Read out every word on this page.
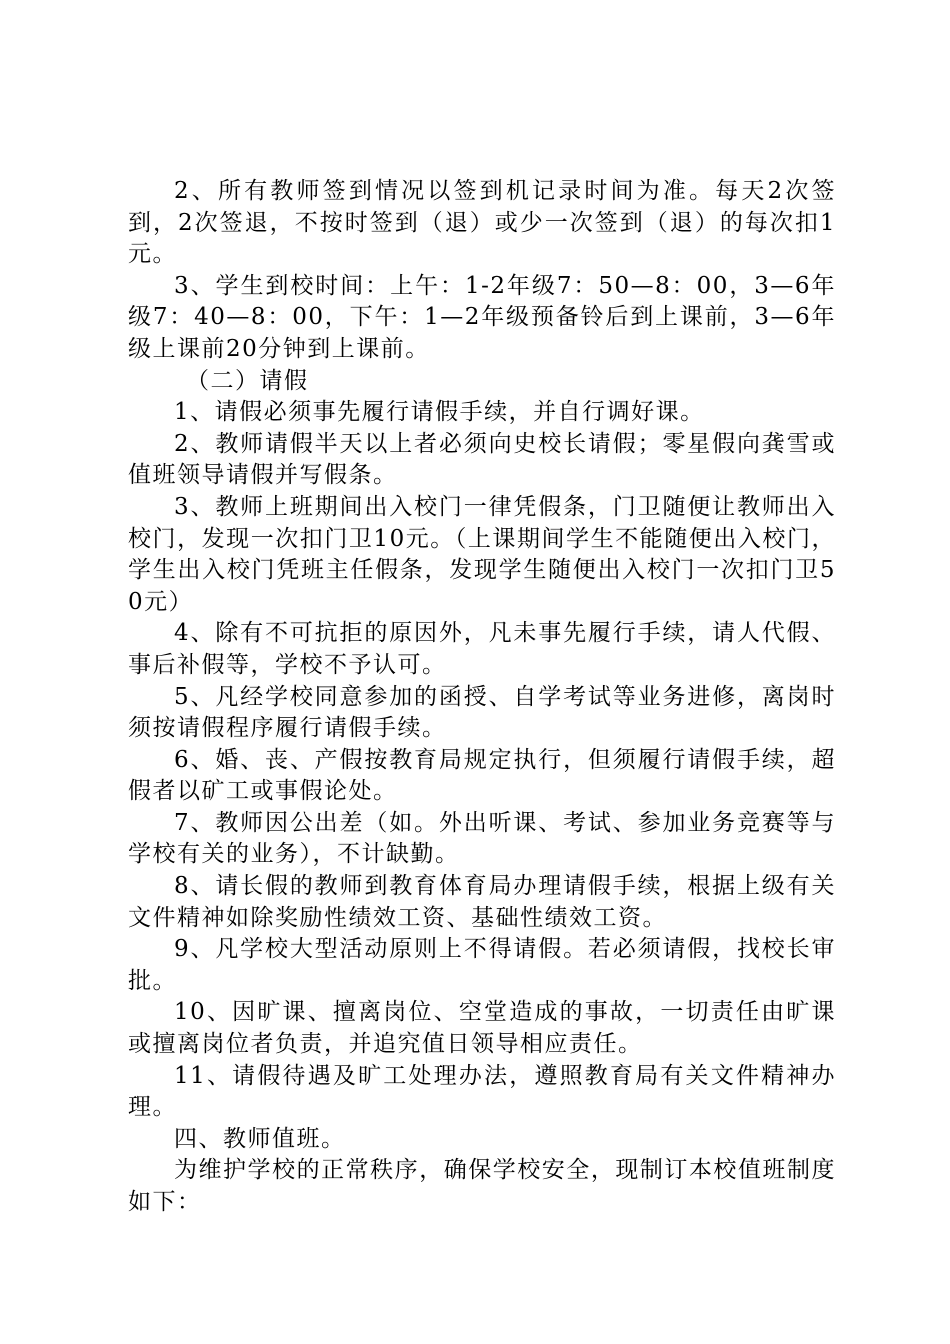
2、所有教师签到情况以签到机记录时间为准。每天2次签到，2次签退，不按时签到（退）或少一次签到（退）的每次扣1元。

3、学生到校时间：上午：1-2年级7：50—8：00，3—6年级7：40—8：00，下午：1—2年级预备铃后到上课前，3—6年级上课前20分钟到上课前。

（二）请假

1、请假必须事先履行请假手续，并自行调好课。

2、教师请假半天以上者必须向史校长请假；零星假向龚雪或值班领导请假并写假条。

3、教师上班期间出入校门一律凭假条，门卫随便让教师出入校门，发现一次扣门卫10元。（上课期间学生不能随便出入校门，学生出入校门凭班主任假条，发现学生随便出入校门一次扣门卫50元）

4、除有不可抗拒的原因外，凡未事先履行手续，请人代假、事后补假等，学校不予认可。

5、凡经学校同意参加的函授、自学考试等业务进修，离岗时须按请假程序履行请假手续。

6、婚、丧、产假按教育局规定执行，但须履行请假手续，超假者以矿工或事假论处。

7、教师因公出差（如。外出听课、考试、参加业务竞赛等与学校有关的业务），不计缺勤。

8、请长假的教师到教育体育局办理请假手续，根据上级有关文件精神如除奖励性绩效工资、基础性绩效工资。

9、凡学校大型活动原则上不得请假。若必须请假，找校长审批。

10、因旷课、擅离岗位、空堂造成的事故，一切责任由旷课或擅离岗位者负责，并追究值日领导相应责任。

11、请假待遇及旷工处理办法，遵照教育局有关文件精神办理。

四、教师值班。

为维护学校的正常秩序，确保学校安全，现制订本校值班制度如下：
